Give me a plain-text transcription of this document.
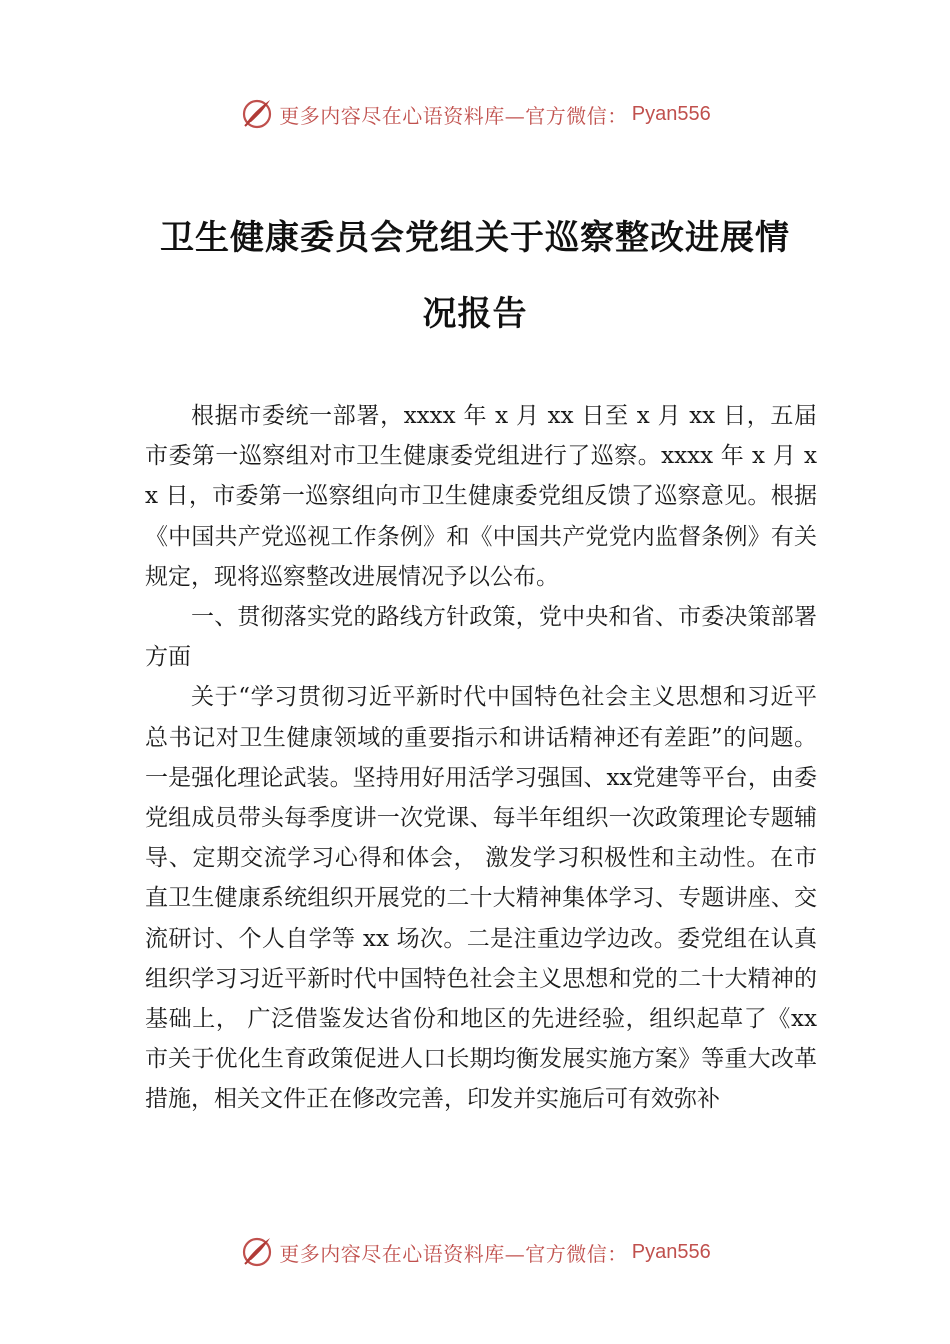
更多内容尽在心语资料库—官方微信： Pyan556
卫生健康委员会党组关于巡察整改进展情况报告

根据市委统一部署，xxxx 年 x 月 xx 日至 x 月 xx 日，五届市委第一巡察组对市卫生健康委党组进行了巡察。xxxx 年 x 月 xx 日，市委第一巡察组向市卫生健康委党组反馈了巡察意见。根据《中国共产党巡视工作条例》和《中国共产党党内监督条例》有关规定，现将巡察整改进展情况予以公布。

一、贯彻落实党的路线方针政策，党中央和省、市委决策部署方面

关于“学习贯彻习近平新时代中国特色社会主义思想和习近平总书记对卫生健康领域的重要指示和讲话精神还有差距”的问题。一是强化理论武装。坚持用好用活学习强国、xx党建等平台，由委党组成员带头每季度讲一次党课、每半年组织一次政策理论专题辅导、定期交流学习心得和体会， 激发学习积极性和主动性。在市直卫生健康系统组织开展党的二十大精神集体学习、专题讲座、交流研讨、个人自学等 xx 场次。二是注重边学边改。委党组在认真组织学习习近平新时代中国特色社会主义思想和党的二十大精神的基础上， 广泛借鉴发达省份和地区的先进经验，组织起草了《xx 市关于优化生育政策促进人口长期均衡发展实施方案》等重大改革措施，相关文件正在修改完善，印发并实施后可有效弥补

更多内容尽在心语资料库—官方微信： Pyan556
